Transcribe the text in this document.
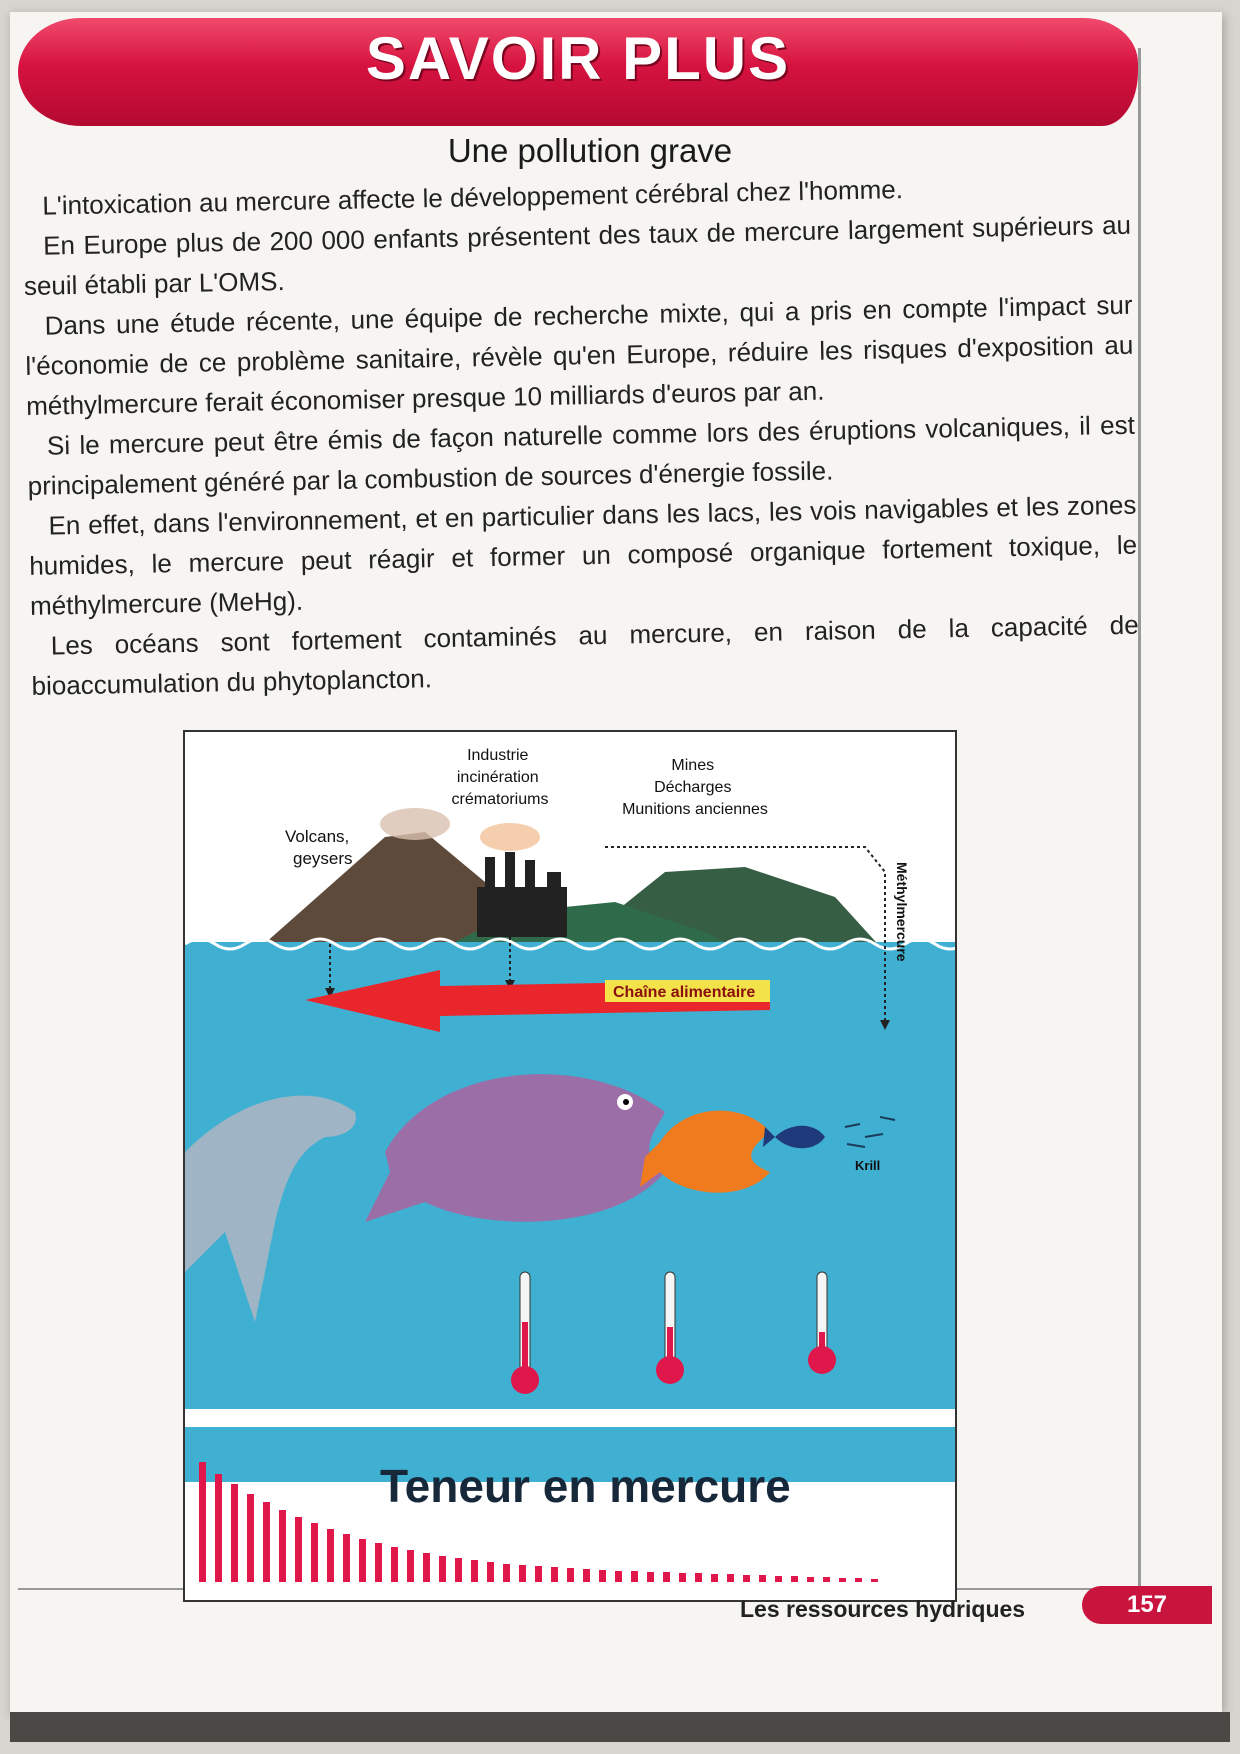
SAVOIR PLUS
Une pollution grave

L'intoxication au mercure affecte le développement cérébral chez l'homme.

En Europe plus de 200 000 enfants présentent des taux de mercure largement supérieurs au seuil établi par L'OMS.

Dans une étude récente, une équipe de recherche mixte, qui a pris en compte l'impact sur l'économie de ce problème sanitaire, révèle qu'en Europe, réduire les risques d'exposition au méthylmercure ferait économiser presque 10 milliards d'euros par an.

Si le mercure peut être émis de façon naturelle comme lors des éruptions volcaniques, il est principalement généré par la combustion de sources d'énergie fossile.

En effet, dans l'environnement, et en particulier dans les lacs, les vois navigables et les zones humides, le mercure peut réagir et former un composé organique fortement toxique, le méthylmercure (MeHg).

Les océans sont fortement contaminés au mercure, en raison de la capacité de bioaccumulation du phytoplancton.

Chaîne alimentaire
Krill
Volcans, geysers
Industrie incinération crématoriums
Mines Décharges Munitions anciennes
Méthylmercure
Teneur en mercure
Les ressources hydriques	157
